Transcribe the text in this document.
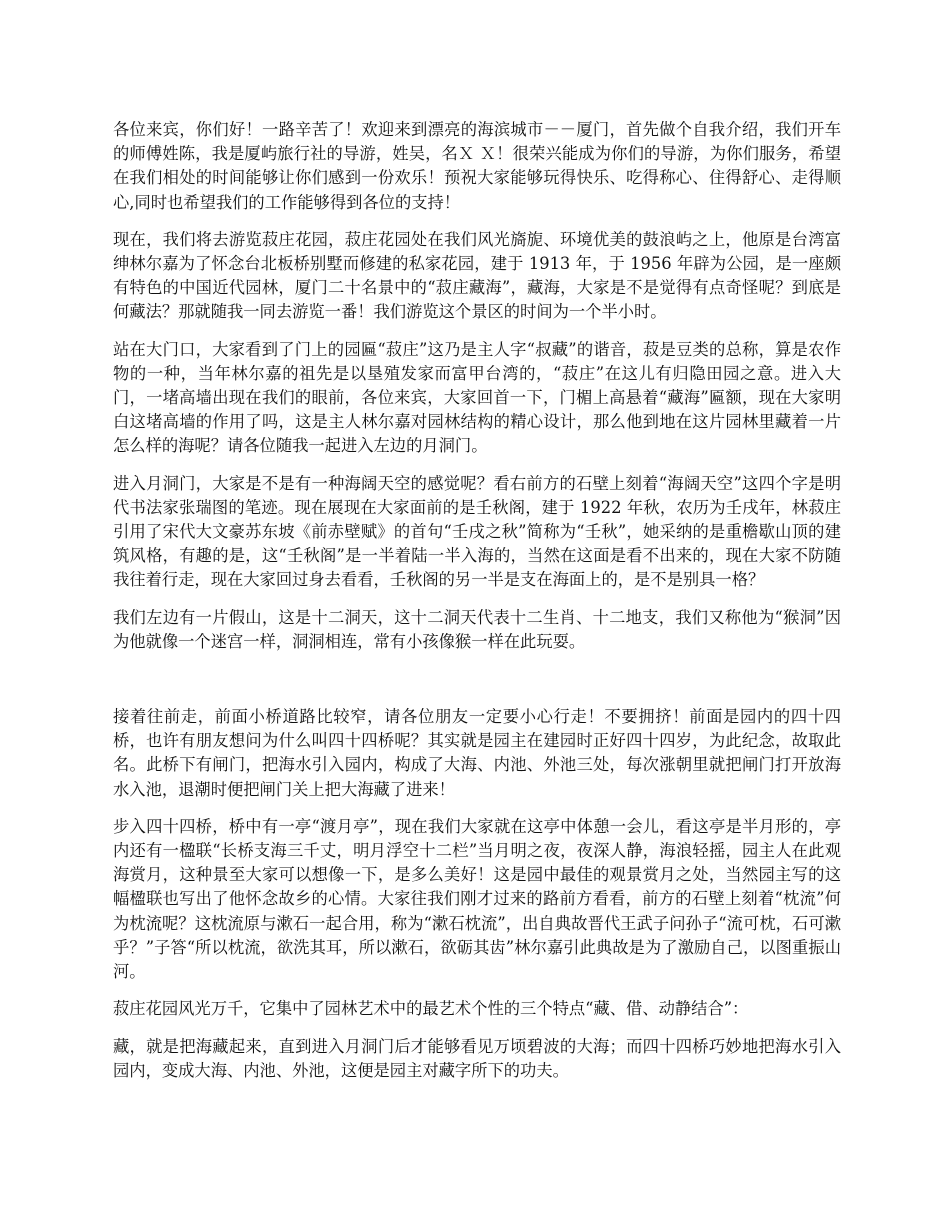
各位来宾，你们好！一路辛苦了！欢迎来到漂亮的海滨城市－－厦门，首先做个自我介绍，我们开车的师傅姓陈，我是厦屿旅行社的导游，姓吴，名Ｘ Ｘ！很荣兴能成为你们的导游，为你们服务，希望在我们相处的时间能够让你们感到一份欢乐！预祝大家能够玩得快乐、吃得称心、住得舒心、走得顺心,同时也希望我们的工作能够得到各位的支持！

现在，我们将去游览菽庄花园，菽庄花园处在我们风光旖旎、环境优美的鼓浪屿之上，他原是台湾富绅林尔嘉为了怀念台北板桥别墅而修建的私家花园，建于 1913 年，于 1956 年辟为公园，是一座颇有特色的中国近代园林，厦门二十名景中的“菽庄藏海”，藏海，大家是不是觉得有点奇怪呢？到底是何藏法？那就随我一同去游览一番！我们游览这个景区的时间为一个半小时。

站在大门口，大家看到了门上的园匾“菽庄”这乃是主人字“叔藏”的谐音，菽是豆类的总称，算是农作物的一种，当年林尔嘉的祖先是以垦殖发家而富甲台湾的，“菽庄”在这儿有归隐田园之意。进入大门，一堵高墙出现在我们的眼前，各位来宾，大家回首一下，门楣上高悬着“藏海”匾额，现在大家明白这堵高墙的作用了吗，这是主人林尔嘉对园林结构的精心设计，那么他到地在这片园林里藏着一片怎么样的海呢？请各位随我一起进入左边的月洞门。

进入月洞门，大家是不是有一种海阔天空的感觉呢？看右前方的石壁上刻着“海阔天空”这四个字是明代书法家张瑞图的笔迹。现在展现在大家面前的是壬秋阁，建于 1922 年秋，农历为壬戌年，林菽庄引用了宋代大文豪苏东坡《前赤壁赋》的首句“壬戌之秋”简称为“壬秋”，她采纳的是重檐歇山顶的建筑风格，有趣的是，这“壬秋阁”是一半着陆一半入海的，当然在这面是看不出来的，现在大家不防随我往着行走，现在大家回过身去看看，壬秋阁的另一半是支在海面上的，是不是别具一格？

我们左边有一片假山，这是十二洞天，这十二洞天代表十二生肖、十二地支，我们又称他为“猴洞”因为他就像一个迷宫一样，洞洞相连，常有小孩像猴一样在此玩耍。

接着往前走，前面小桥道路比较窄，请各位朋友一定要小心行走！不要拥挤！前面是园内的四十四桥，也许有朋友想问为什么叫四十四桥呢？其实就是园主在建园时正好四十四岁，为此纪念，故取此名。此桥下有闸门，把海水引入园内，构成了大海、内池、外池三处，每次涨朝里就把闸门打开放海水入池，退潮时便把闸门关上把大海藏了进来！

步入四十四桥，桥中有一亭“渡月亭”，现在我们大家就在这亭中体憩一会儿，看这亭是半月形的，亭内还有一楹联“长桥支海三千丈，明月浮空十二栏”当月明之夜，夜深人静，海浪轻摇，园主人在此观海赏月，这种景至大家可以想像一下，是多么美好！这是园中最佳的观景赏月之处，当然园主写的这幅楹联也写出了他怀念故乡的心情。大家往我们刚才过来的路前方看看，前方的石壁上刻着“枕流”何为枕流呢？这枕流原与漱石一起合用，称为“漱石枕流”，出自典故晋代王武子问孙子“流可枕，石可漱乎？”子答“所以枕流，欲洗其耳，所以漱石，欲砺其齿”林尔嘉引此典故是为了激励自己，以图重振山河。

菽庄花园风光万千，它集中了园林艺术中的最艺术个性的三个特点“藏、借、动静结合”：

藏，就是把海藏起来，直到进入月洞门后才能够看见万顷碧波的大海；而四十四桥巧妙地把海水引入园内，变成大海、内池、外池，这便是园主对藏字所下的功夫。
